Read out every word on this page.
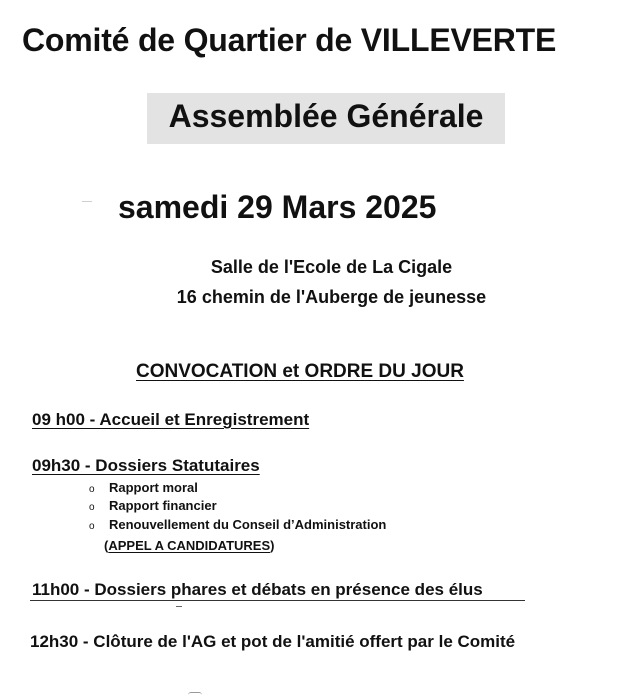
Comité de Quartier de VILLEVERTE
Assemblée Générale
samedi 29 Mars 2025
Salle de l'Ecole de La Cigale
16 chemin de l'Auberge de jeunesse
CONVOCATION et ORDRE DU JOUR
09 h00 - Accueil et Enregistrement
09h30 - Dossiers Statutaires
o Rapport moral
o Rapport financier
o Renouvellement du Conseil d’Administration
(APPEL A CANDIDATURES)
11h00 - Dossiers phares et débats en présence des élus
12h30 - Clôture de l'AG et pot de l'amitié offert par le Comité
